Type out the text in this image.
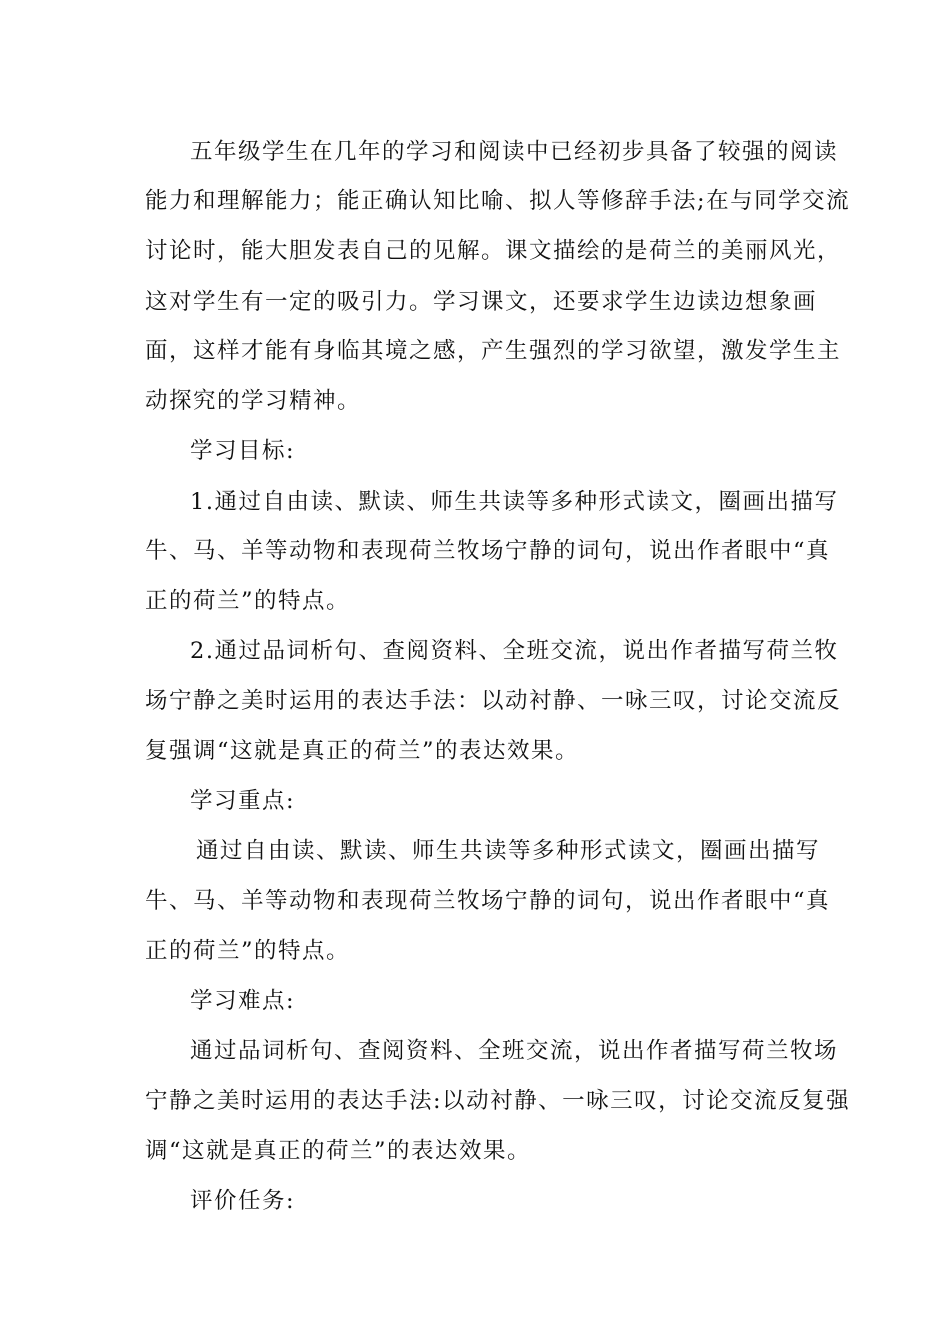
五年级学生在几年的学习和阅读中已经初步具备了较强的阅读
能力和理解能力；能正确认知比喻、拟人等修辞手法;在与同学交流
讨论时，能大胆发表自己的见解。课文描绘的是荷兰的美丽风光，
这对学生有一定的吸引力。学习课文，还要求学生边读边想象画
面，这样才能有身临其境之感，产生强烈的学习欲望，激发学生主
动探究的学习精神。
学习目标:
1.通过自由读、默读、师生共读等多种形式读文，圈画出描写
牛、马、羊等动物和表现荷兰牧场宁静的词句，说出作者眼中“真
正的荷兰”的特点。
2.通过品词析句、查阅资料、全班交流，说出作者描写荷兰牧
场宁静之美时运用的表达手法：以动衬静、一咏三叹，讨论交流反
复强调“这就是真正的荷兰”的表达效果。
学习重点:
通过自由读、默读、师生共读等多种形式读文，圈画出描写
牛、马、羊等动物和表现荷兰牧场宁静的词句，说出作者眼中“真
正的荷兰”的特点。
学习难点:
通过品词析句、查阅资料、全班交流，说出作者描写荷兰牧场
宁静之美时运用的表达手法:以动衬静、一咏三叹，讨论交流反复强
调“这就是真正的荷兰”的表达效果。
评价任务:
